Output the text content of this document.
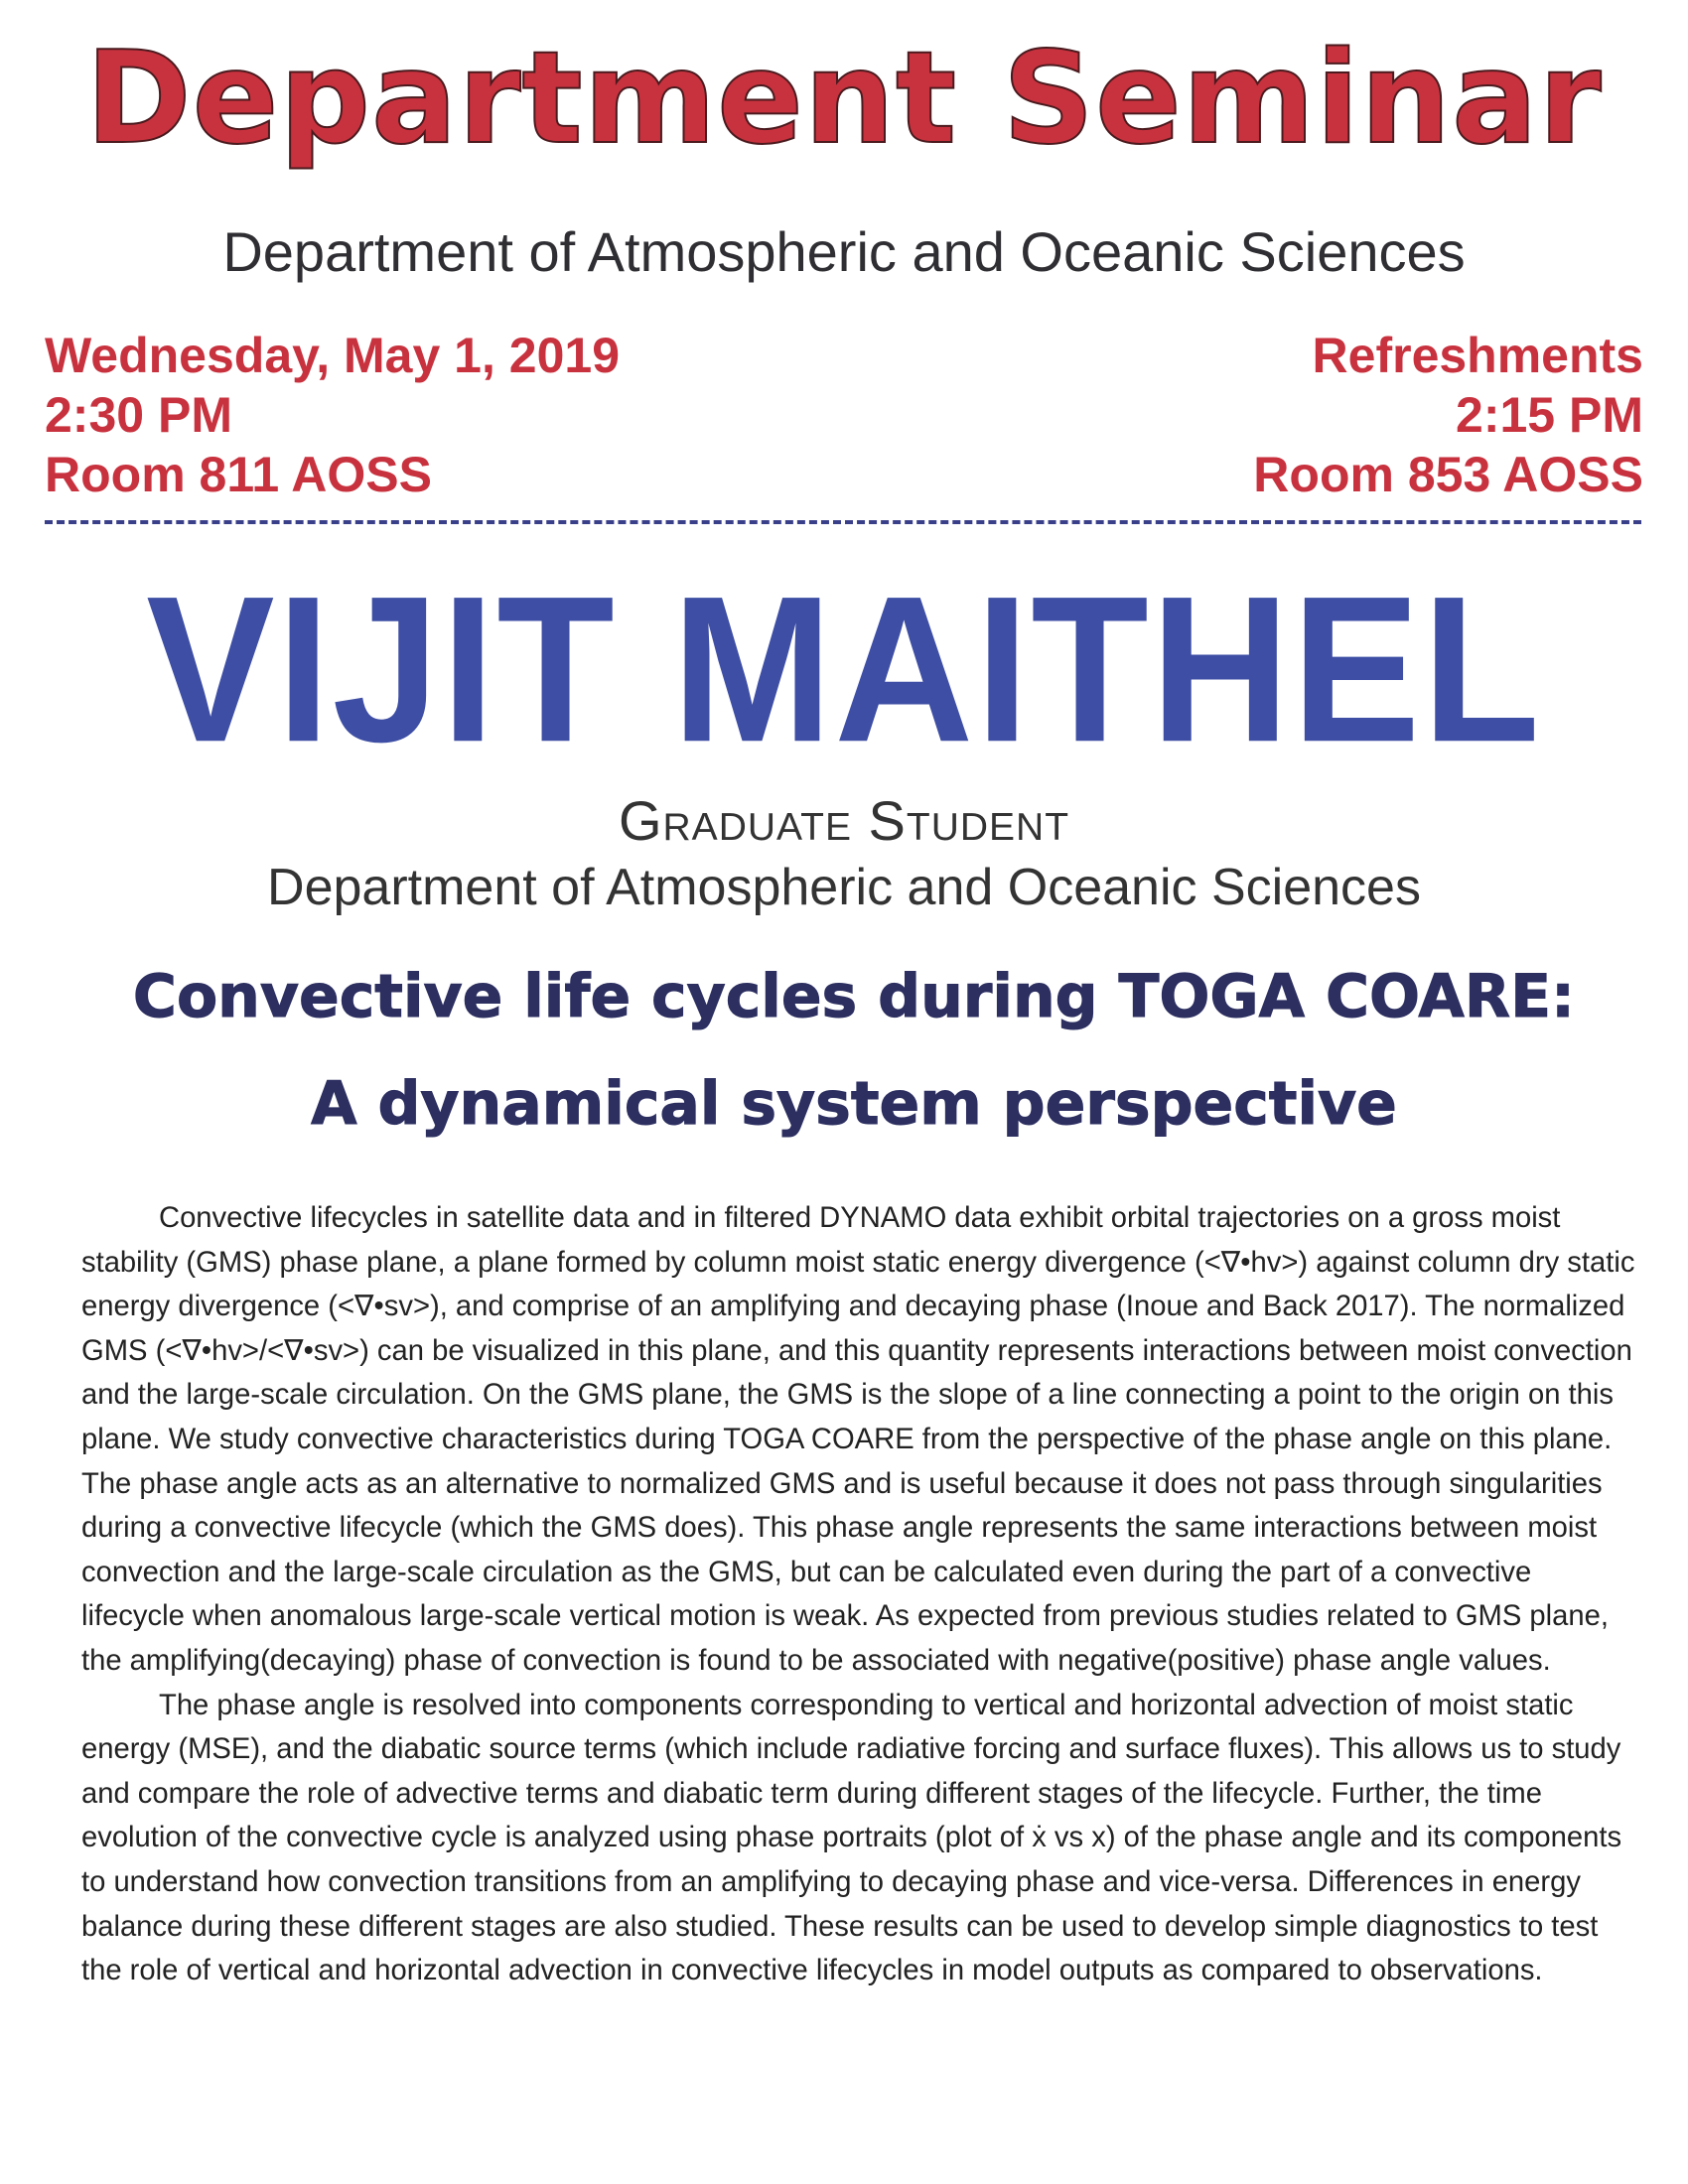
Department Seminar
Department of Atmospheric and Oceanic Sciences
Wednesday, May 1, 2019
2:30 PM
Room 811 AOSS
Refreshments
2:15 PM
Room 853 AOSS
VIJIT MAITHEL
Graduate Student
Department of Atmospheric and Oceanic Sciences
Convective life cycles during TOGA COARE:
A dynamical system perspective

Convective lifecycles in satellite data and in filtered DYNAMO data exhibit orbital trajectories on a gross moist stability (GMS) phase plane, a plane formed by column moist static energy divergence (<∇•hv>) against column dry static energy divergence (<∇•sv>), and comprise of an amplifying and decaying phase (Inoue and Back 2017). The normalized GMS (<∇•hv>/<∇•sv>) can be visualized in this plane, and this quantity represents interactions between moist convection and the large-scale circulation. On the GMS plane, the GMS is the slope of a line connecting a point to the origin on this plane. We study convective characteristics during TOGA COARE from the perspective of the phase angle on this plane. The phase angle acts as an alternative to normalized GMS and is useful because it does not pass through singularities during a convective lifecycle (which the GMS does). This phase angle represents the same interactions between moist convection and the large-scale circulation as the GMS, but can be calculated even during the part of a convective lifecycle when anomalous large-scale vertical motion is weak. As expected from previous studies related to GMS plane, the amplifying(decaying) phase of convection is found to be associated with negative(positive) phase angle values.

The phase angle is resolved into components corresponding to vertical and horizontal advection of moist static energy (MSE), and the diabatic source terms (which include radiative forcing and surface fluxes). This allows us to study and compare the role of advective terms and diabatic term during different stages of the lifecycle. Further, the time evolution of the convective cycle is analyzed using phase portraits (plot of ẋ vs x) of the phase angle and its components to understand how convection transitions from an amplifying to decaying phase and vice-versa. Differences in energy balance during these different stages are also studied. These results can be used to develop simple diagnostics to test the role of vertical and horizontal advection in convective lifecycles in model outputs as compared to observations.
